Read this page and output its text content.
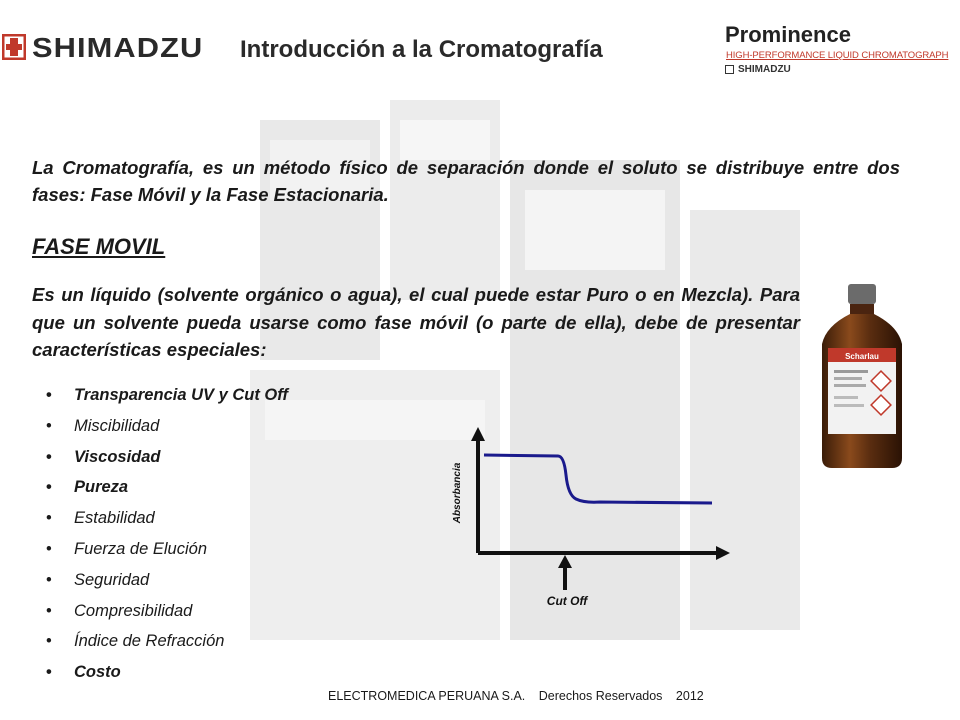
SHIMADZU Introducción a la Cromatografía
Prominence
HIGH-PERFORMANCE LIQUID CHROMATOGRAPH
SHIMADZU
La Cromatografía, es un método físico de separación donde el soluto se distribuye entre dos fases: Fase Móvil y la Fase Estacionaria.
FASE MOVIL
Es un líquido (solvente orgánico o agua), el cual puede estar Puro o en Mezcla). Para que un solvente pueda usarse como fase móvil (o parte de ella), debe de presentar características especiales:
• Transparencia UV y Cut Off
• Miscibilidad
• Viscosidad
• Pureza
• Estabilidad
• Fuerza de Elución
• Seguridad
• Compresibilidad
• Índice de Refracción
• Costo
Scharlau
Absorbancia
Cut Off
ELECTROMEDICA PERUANA S.A. Derechos Reservados 2012
